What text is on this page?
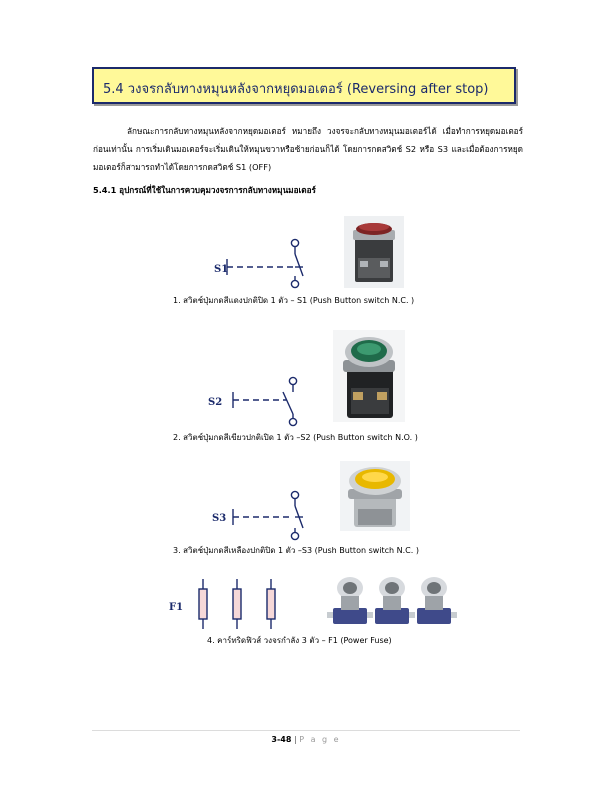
5.4 วงจรกลับทางหมุนหลังจากหยุดมอเตอร์ (Reversing after stop)
ลักษณะการกลับทางหมุนหลังจากหยุดมอเตอร์ หมายถึง วงจรจะกลับทางหมุนมอเตอร์ได้ เมื่อทำการหยุดมอเตอร์ก่อนเท่านั้น การเริ่มเดินมอเตอร์จะเริ่มเดินให้หมุนขวาหรือซ้ายก่อนก็ได้ โดยการกดสวิตช์ S2 หรือ S3 และเมื่อต้องการหยุดมอเตอร์ก็สามารถทำได้โดยการกดสวิตช์ S1 (OFF)
5.4.1 อุปกรณ์ที่ใช้ในการควบคุมวงจรการกลับทางหมุนมอเตอร์
S1
1. สวิตช์ปุ่มกดสีแดงปกติปิด 1 ตัว – S1 (Push Button switch N.C. )
S2
2. สวิตช์ปุ่มกดสีเขียวปกติเปิด 1 ตัว –S2 (Push Button switch N.O. )
S3
3. สวิตช์ปุ่มกดสีเหลืองปกติปิด 1 ตัว –S3 (Push Button switch N.C. )
F1
4. คาร์ทริดฟิวส์ วงจรกำลัง 3 ตัว – F1 (Power Fuse)
3-48 | P a g e
